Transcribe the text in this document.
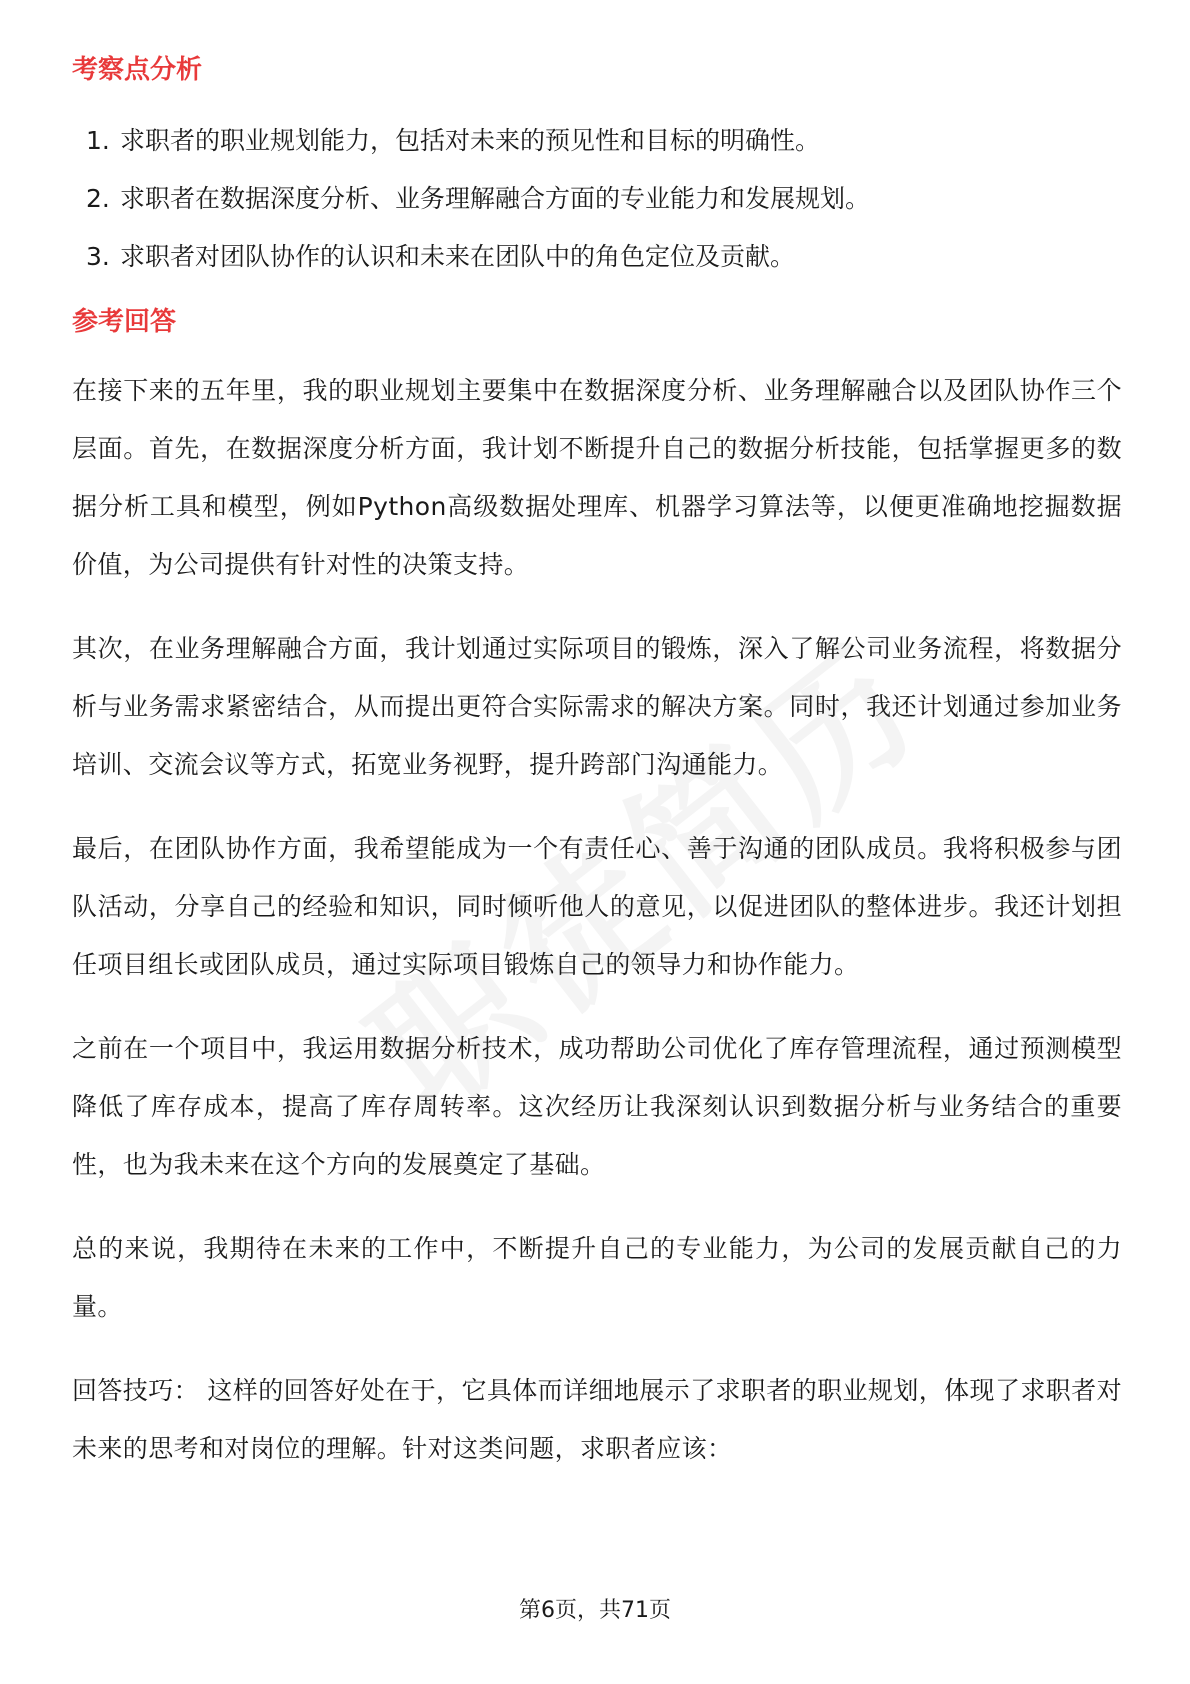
考察点分析
1. 求职者的职业规划能力，包括对未来的预见性和目标的明确性。
2. 求职者在数据深度分析、业务理解融合方面的专业能力和发展规划。
3. 求职者对团队协作的认识和未来在团队中的角色定位及贡献。
参考回答

在接下来的五年里，我的职业规划主要集中在数据深度分析、业务理解融合以及团队协作三个层面。首先，在数据深度分析方面，我计划不断提升自己的数据分析技能，包括掌握更多的数据分析工具和模型，例如Python高级数据处理库、机器学习算法等，以便更准确地挖掘数据价值，为公司提供有针对性的决策支持。

其次，在业务理解融合方面，我计划通过实际项目的锻炼，深入了解公司业务流程，将数据分析与业务需求紧密结合，从而提出更符合实际需求的解决方案。同时，我还计划通过参加业务培训、交流会议等方式，拓宽业务视野，提升跨部门沟通能力。

最后，在团队协作方面，我希望能成为一个有责任心、善于沟通的团队成员。我将积极参与团队活动，分享自己的经验和知识，同时倾听他人的意见，以促进团队的整体进步。我还计划担任项目组长或团队成员，通过实际项目锻炼自己的领导力和协作能力。

之前在一个项目中，我运用数据分析技术，成功帮助公司优化了库存管理流程，通过预测模型降低了库存成本，提高了库存周转率。这次经历让我深刻认识到数据分析与业务结合的重要性，也为我未来在这个方向的发展奠定了基础。

总的来说，我期待在未来的工作中，不断提升自己的专业能力，为公司的发展贡献自己的力量。

回答技巧： 这样的回答好处在于，它具体而详细地展示了求职者的职业规划，体现了求职者对未来的思考和对岗位的理解。针对这类问题，求职者应该：

第6页，共71页
